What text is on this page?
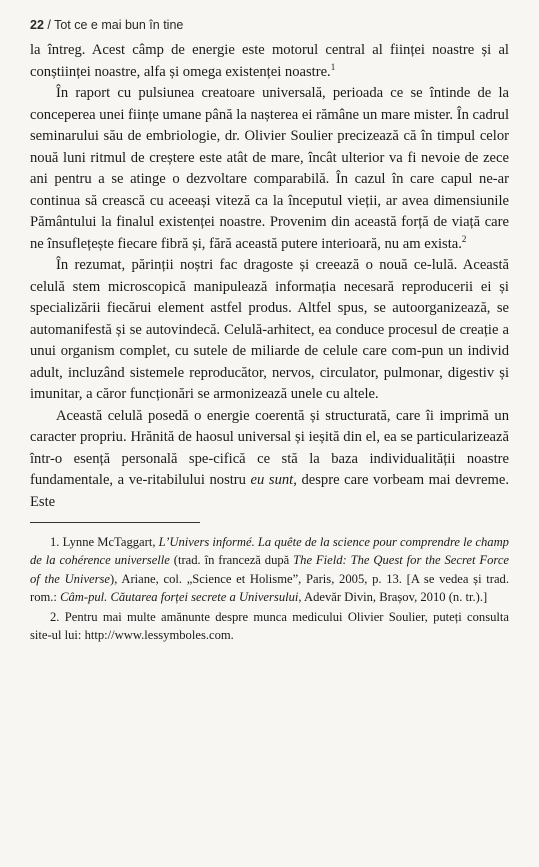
22 / Tot ce e mai bun în tine

la întreg. Acest câmp de energie este motorul central al ființei noastre și al conștiinței noastre, alfa și omega existenței noastre.$^1$

În raport cu pulsiunea creatoare universală, perioada ce se întinde de la conceperea unei ființe umane până la nașterea ei rămâne un mare mister. În cadrul seminarului său de embriologie, dr. Olivier Soulier precizează că în timpul celor nouă luni ritmul de creștere este atât de mare, încât ulterior va fi nevoie de zece ani pentru a se atinge o dezvoltare comparabilă. În cazul în care capul ne-ar continua să crească cu aceeași viteză ca la începutul vieții, ar avea dimensiunile Pământului la finalul existenței noastre. Provenim din această forță de viață care ne însuflețește fiecare fibră și, fără această putere interioară, nu am exista.$^2$

În rezumat, părinții noștri fac dragoste și creează o nouă ce-lulă. Această celulă stem microscopică manipulează informația necesară reproducerii ei și specializării fiecărui element astfel produs. Altfel spus, se autoorganizează, se automanifestă și se autovindecă. Celulă-arhitect, ea conduce procesul de creație a unui organism complet, cu sutele de miliarde de celule care com-pun un individ adult, incluzând sistemele reproducător, nervos, circulator, pulmonar, digestiv și imunitar, a căror funcționări se armonizează unele cu altele.

Această celulă posedă o energie coerentă și structurată, care îi imprimă un caracter propriu. Hrănită de haosul universal și ieșită din el, ea se particularizează într-o esență personală spe-cifică ce stă la baza individualității noastre fundamentale, a ve-ritabilului nostru eu sunt, despre care vorbeam mai devreme. Este

1. Lynne McTaggart, L’Univers informé. La quête de la science pour comprendre le champ de la cohérence universelle (trad. în franceză după The Field: The Quest for the Secret Force of the Universe), Ariane, col. „Science et Holisme”, Paris, 2005, p. 13. [A se vedea și trad. rom.: Câm-pul. Căutarea forței secrete a Universului, Adevăr Divin, Brașov, 2010 (n. tr.).]

2. Pentru mai multe amănunte despre munca medicului Olivier Soulier, puteți consulta site-ul lui: http://www.lessymboles.com.
